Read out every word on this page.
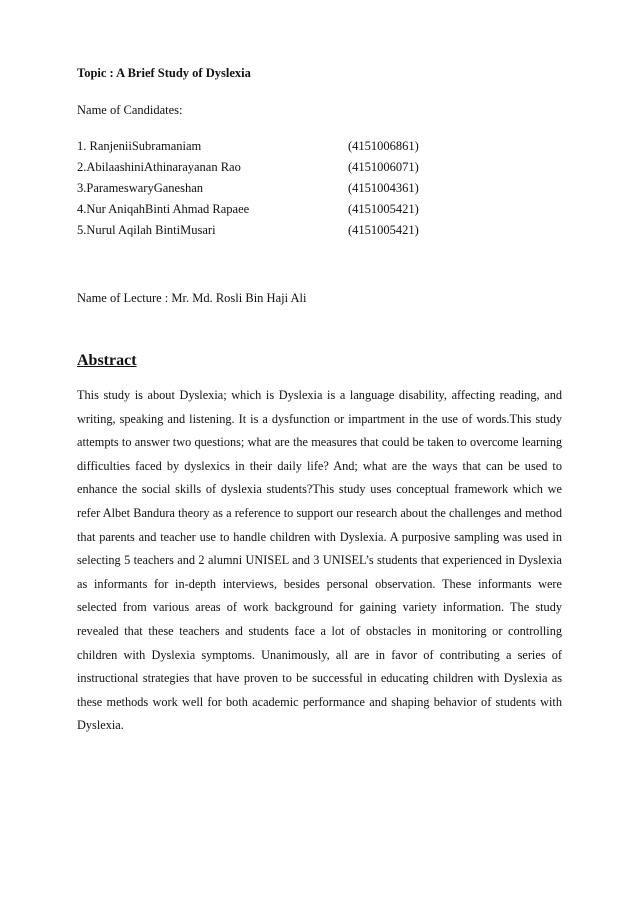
Topic : A Brief Study of Dyslexia
Name of Candidates:
1. RanjeniiSubramaniam	(4151006861)
2.AbilaashiniAthinarayanan Rao	(4151006071)
3.ParameswaryGaneshan	(4151004361)
4.Nur AniqahBinti Ahmad Rapaee	(4151005421)
5.Nurul Aqilah BintiMusari	(4151005421)
Name of Lecture : Mr. Md. Rosli Bin Haji Ali
Abstract

This study is about Dyslexia; which is Dyslexia is a language disability, affecting reading, and writing, speaking and listening. It is a dysfunction or impartment in the use of words.This study attempts to answer two questions; what are the measures that could be taken to overcome learning difficulties faced by dyslexics in their daily life? And; what are the ways that can be used to enhance the social skills of dyslexia students?This study uses conceptual framework which we refer Albet Bandura theory as a reference to support our research about the challenges and method that parents and teacher use to handle children with Dyslexia. A purposive sampling was used in selecting 5 teachers and 2 alumni UNISEL and 3 UNISEL’s students that experienced in Dyslexia as informants for in-depth interviews, besides personal observation. These informants were selected from various areas of work background for gaining variety information. The study revealed that these teachers and students face a lot of obstacles in monitoring or controlling children with Dyslexia symptoms. Unanimously, all are in favor of contributing a series of instructional strategies that have proven to be successful in educating children with Dyslexia as these methods work well for both academic performance and shaping behavior of students with Dyslexia.
